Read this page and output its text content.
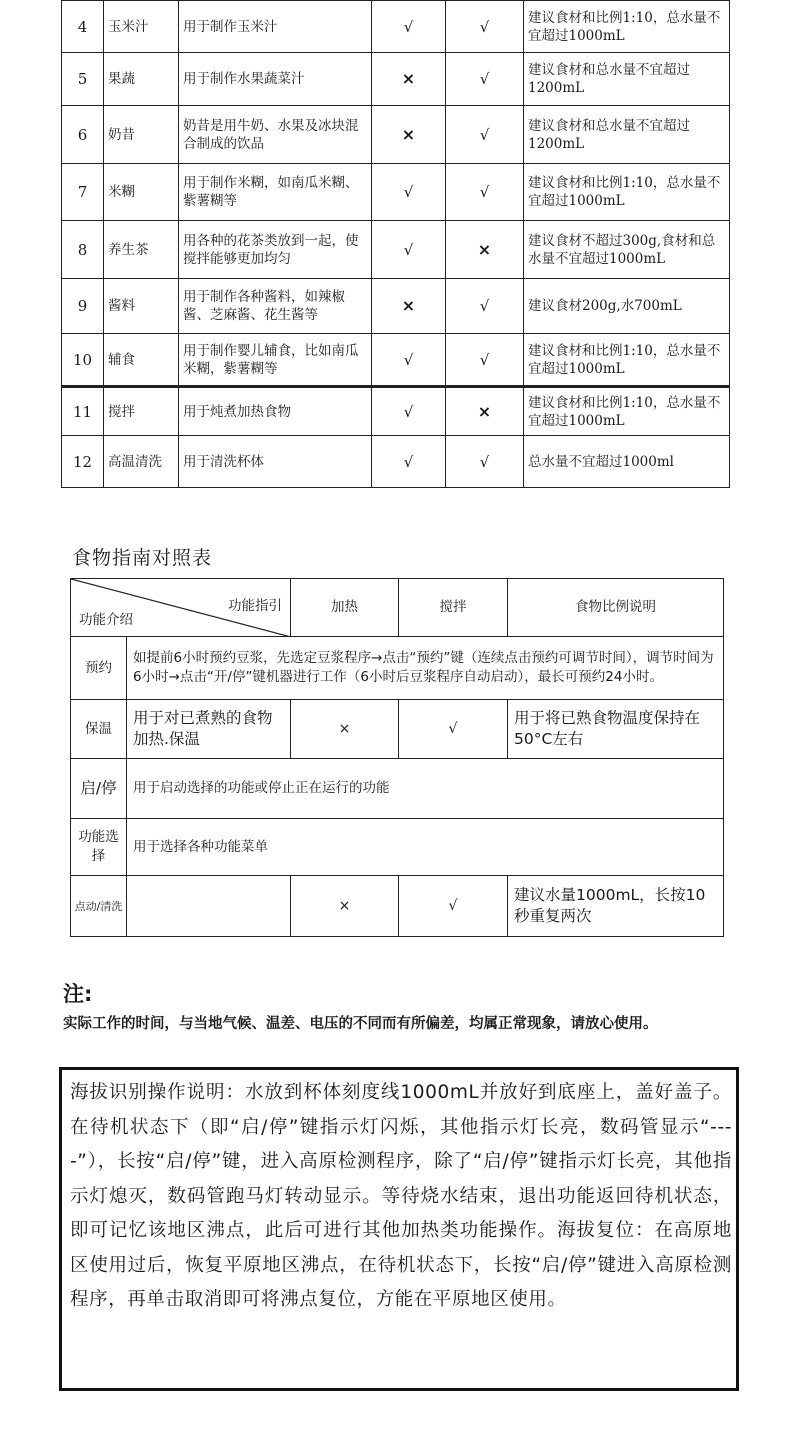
4	玉米汁	用于制作玉米汁	√	√	建议食材和比例1:10，总水量不宜超过1000mL
5	果蔬	用于制作水果蔬菜汁	×	√	建议食材和总水量不宜超过1200mL
6	奶昔	奶昔是用牛奶、水果及冰块混合制成的饮品	×	√	建议食材和总水量不宜超过1200mL
7	米糊	用于制作米糊，如南瓜米糊、紫薯糊等	√	√	建议食材和比例1:10，总水量不宜超过1000mL
8	养生茶	用各种的花茶类放到一起，使搅拌能够更加均匀	√	×	建议食材不超过300g,食材和总水量不宜超过1000mL
9	酱料	用于制作各种酱料，如辣椒酱、芝麻酱、花生酱等	×	√	建议食材200g,水700mL
10	辅食	用于制作婴儿辅食，比如南瓜米糊，紫薯糊等	√	√	建议食材和比例1:10，总水量不宜超过1000mL
11	搅拌	用于炖煮加热食物	√	×	建议食材和比例1:10，总水量不宜超过1000mL
12	高温清洗	用于清洗杯体	√	√	总水量不宜超过1000ml
食物指南对照表
功能指引
功能介绍		加热	搅拌	食物比例说明
预约	如提前6小时预约豆浆，先选定豆浆程序→点击“预约”键（连续点击预约可调节时间），调节时间为6小时→点击“开/停”键机器进行工作（6小时后豆浆程序自动启动），最长可预约24小时。			
保温	用于对已煮熟的食物加热.保温	×	√	用于将已熟食物温度保持在50°C左右
启/停	用于启动选择的功能或停止正在运行的功能			
功能选择	用于选择各种功能菜单			
点动/清洗		×	√	建议水量1000mL，长按10秒重复两次
注:
实际工作的时间，与当地气候、温差、电压的不同而有所偏差，均属正常现象，请放心使用。
海拔识别操作说明：水放到杯体刻度线1000mL并放好到底座上，盖好盖子。在待机状态下（即“启/停”键指示灯闪烁，其他指示灯长亮，数码管显示“----”），长按“启/停”键，进入高原检测程序，除了“启/停”键指示灯长亮，其他指示灯熄灭，数码管跑马灯转动显示。等待烧水结束，退出功能返回待机状态，即可记忆该地区沸点，此后可进行其他加热类功能操作。海拔复位：在高原地区使用过后，恢复平原地区沸点，在待机状态下，长按“启/停”键进入高原检测程序，再单击取消即可将沸点复位，方能在平原地区使用。
